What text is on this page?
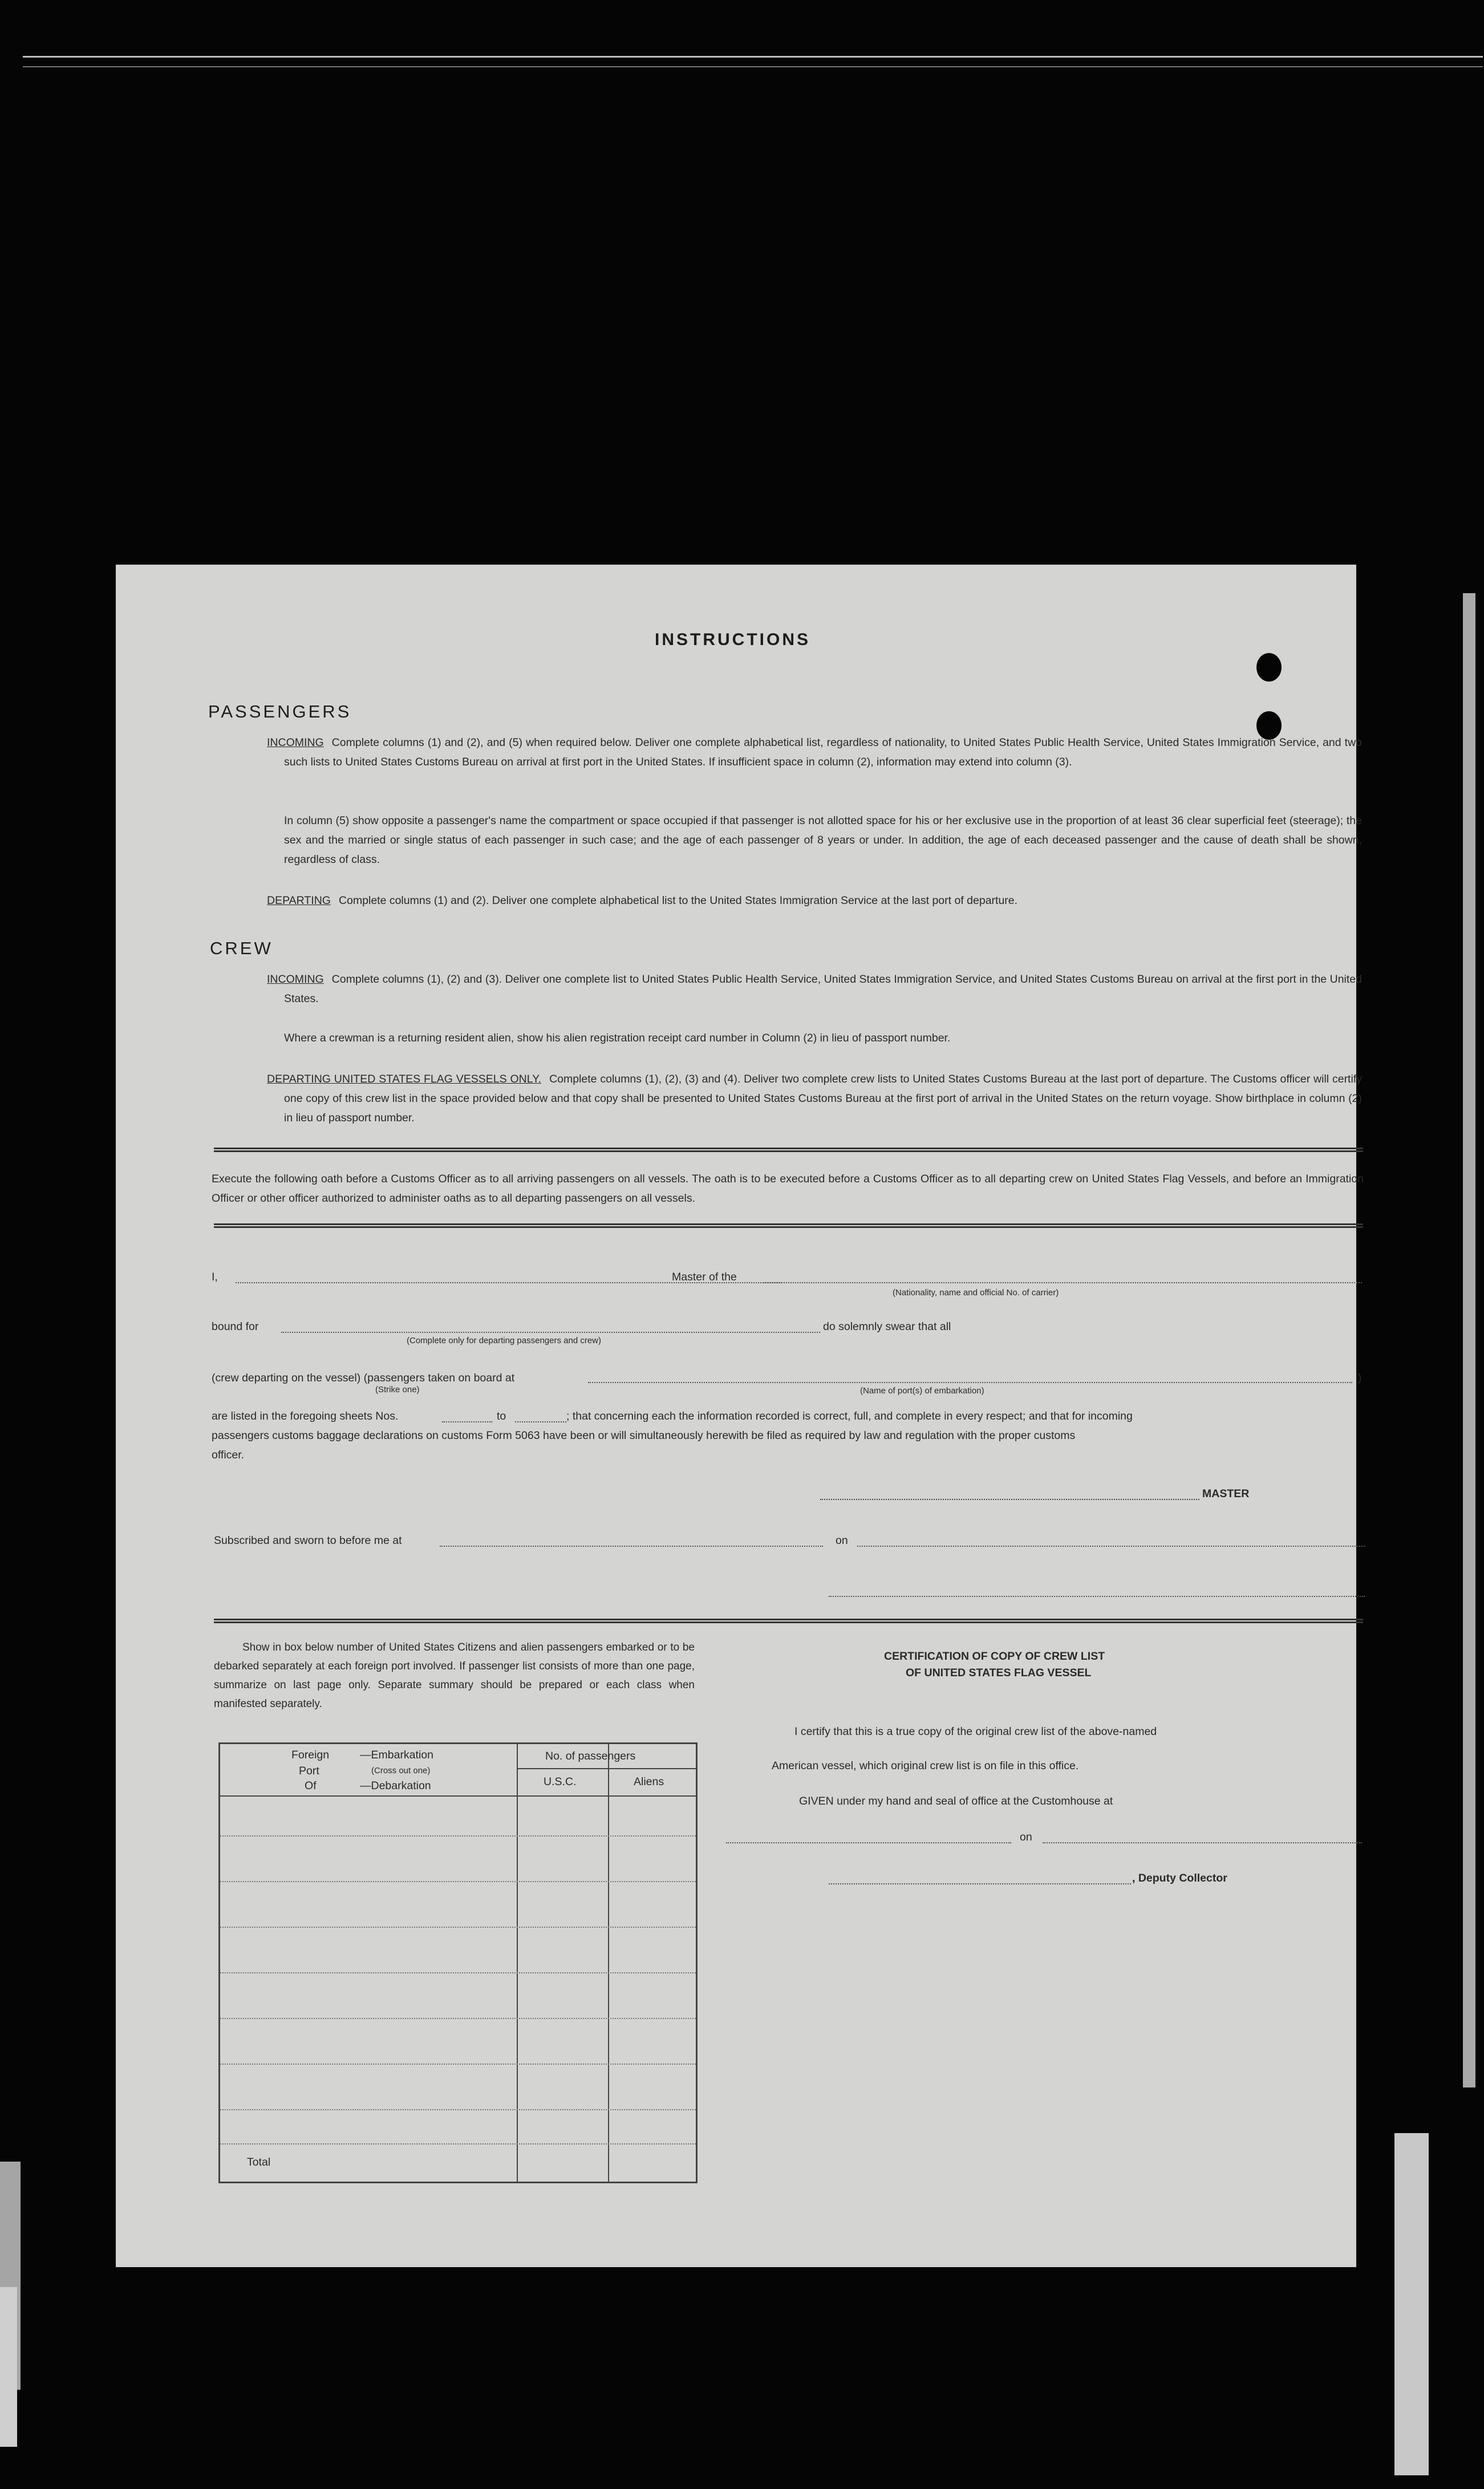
INSTRUCTIONS
PASSENGERS
INCOMING Complete columns (1) and (2), and (5) when required below. Deliver one complete alphabetical list, regardless of nationality, to United States Public Health Service, United States Immigration Service, and two such lists to United States Customs Bureau on arrival at first port in the United States. If insufficient space in column (2), information may extend into column (3).
In column (5) show opposite a passenger's name the compartment or space occupied if that passenger is not allotted space for his or her exclusive use in the proportion of at least 36 clear superficial feet (steerage); the sex and the married or single status of each passenger in such case; and the age of each passenger of 8 years or under. In addition, the age of each deceased passenger and the cause of death shall be shown, regardless of class.
DEPARTING Complete columns (1) and (2). Deliver one complete alphabetical list to the United States Immigration Service at the last port of departure.
CREW
INCOMING Complete columns (1), (2) and (3). Deliver one complete list to United States Public Health Service, United States Immigration Service, and United States Customs Bureau on arrival at the first port in the United States.
Where a crewman is a returning resident alien, show his alien registration receipt card number in Column (2) in lieu of passport number.
DEPARTING UNITED STATES FLAG VESSELS ONLY. Complete columns (1), (2), (3) and (4). Deliver two complete crew lists to United States Customs Bureau at the last port of departure. The Customs officer will certify one copy of this crew list in the space provided below and that copy shall be presented to United States Customs Bureau at the first port of arrival in the United States on the return voyage. Show birthplace in column (2) in lieu of passport number.
Execute the following oath before a Customs Officer as to all arriving passengers on all vessels. The oath is to be executed before a Customs Officer as to all departing crew on United States Flag Vessels, and before an Immigration Officer or other officer authorized to administer oaths as to all departing passengers on all vessels.
I,	Master of the
(Nationality, name and official No. of carrier)
bound for
(Complete only for departing passengers and crew)
do solemnly swear that all
(crew departing on the vessel) (passengers taken on board at
(Strike one)	(Name of port(s) of embarkation)
)
are listed in the foregoing sheets Nos.	to	; that concerning each the information recorded is correct, full, and complete in every respect; and that for incoming
passengers customs baggage declarations on customs Form 5063 have been or will simultaneously herewith be filed as required by law and regulation with the proper customs
officer.
MASTER
Subscribed and sworn to before me at	on
Show in box below number of United States Citizens and alien passengers embarked or to be debarked separately at each foreign port involved. If passenger list consists of more than one page, summarize on last page only. Separate summary should be prepared or each class when manifested separately.
Foreign
Port
Of
—Embarkation
(Cross out one)
—Debarkation
No. of passengers
U.S.C.	Aliens
Total
CERTIFICATION OF COPY OF CREW LIST
OF UNITED STATES FLAG VESSEL
I certify that this is a true copy of the original crew list of the above-named
American vessel, which original crew list is on file in this office.
GIVEN under my hand and seal of office at the Customhouse at
on
, Deputy Collector
